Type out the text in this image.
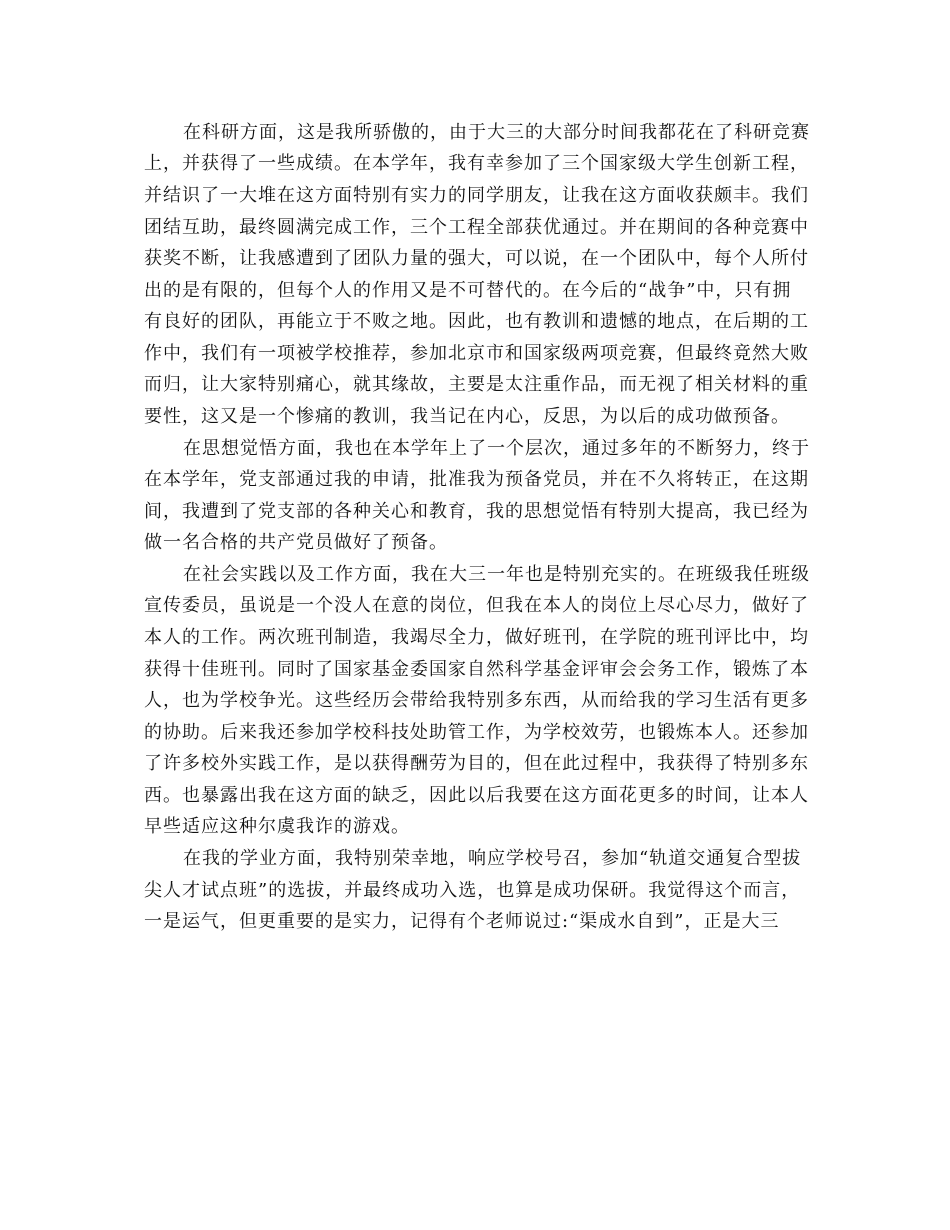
在科研方面，这是我所骄傲的，由于大三的大部分时间我都花在了科研竞赛
上，并获得了一些成绩。在本学年，我有幸参加了三个国家级大学生创新工程，
并结识了一大堆在这方面特别有实力的同学朋友，让我在这方面收获颇丰。我们
团结互助，最终圆满完成工作，三个工程全部获优通过。并在期间的各种竞赛中
获奖不断，让我感遭到了团队力量的强大，可以说，在一个团队中，每个人所付
出的是有限的，但每个人的作用又是不可替代的。在今后的“战争”中，只有拥
有良好的团队，再能立于不败之地。因此，也有教训和遗憾的地点，在后期的工
作中，我们有一项被学校推荐，参加北京市和国家级两项竞赛，但最终竟然大败
而归，让大家特别痛心，就其缘故，主要是太注重作品，而无视了相关材料的重
要性，这又是一个惨痛的教训，我当记在内心，反思，为以后的成功做预备。
在思想觉悟方面，我也在本学年上了一个层次，通过多年的不断努力，终于
在本学年，党支部通过我的申请，批准我为预备党员，并在不久将转正，在这期
间，我遭到了党支部的各种关心和教育，我的思想觉悟有特别大提高，我已经为
做一名合格的共产党员做好了预备。
在社会实践以及工作方面，我在大三一年也是特别充实的。在班级我任班级
宣传委员，虽说是一个没人在意的岗位，但我在本人的岗位上尽心尽力，做好了
本人的工作。两次班刊制造，我竭尽全力，做好班刊，在学院的班刊评比中，均
获得十佳班刊。同时了国家基金委国家自然科学基金评审会会务工作，锻炼了本
人，也为学校争光。这些经历会带给我特别多东西，从而给我的学习生活有更多
的协助。后来我还参加学校科技处助管工作，为学校效劳，也锻炼本人。还参加
了许多校外实践工作，是以获得酬劳为目的，但在此过程中，我获得了特别多东
西。也暴露出我在这方面的缺乏，因此以后我要在这方面花更多的时间，让本人
早些适应这种尔虞我诈的游戏。
在我的学业方面，我特别荣幸地，响应学校号召，参加“轨道交通复合型拔
尖人才试点班”的选拔，并最终成功入选，也算是成功保研。我觉得这个而言，
一是运气，但更重要的是实力，记得有个老师说过:“渠成水自到”，正是大三
